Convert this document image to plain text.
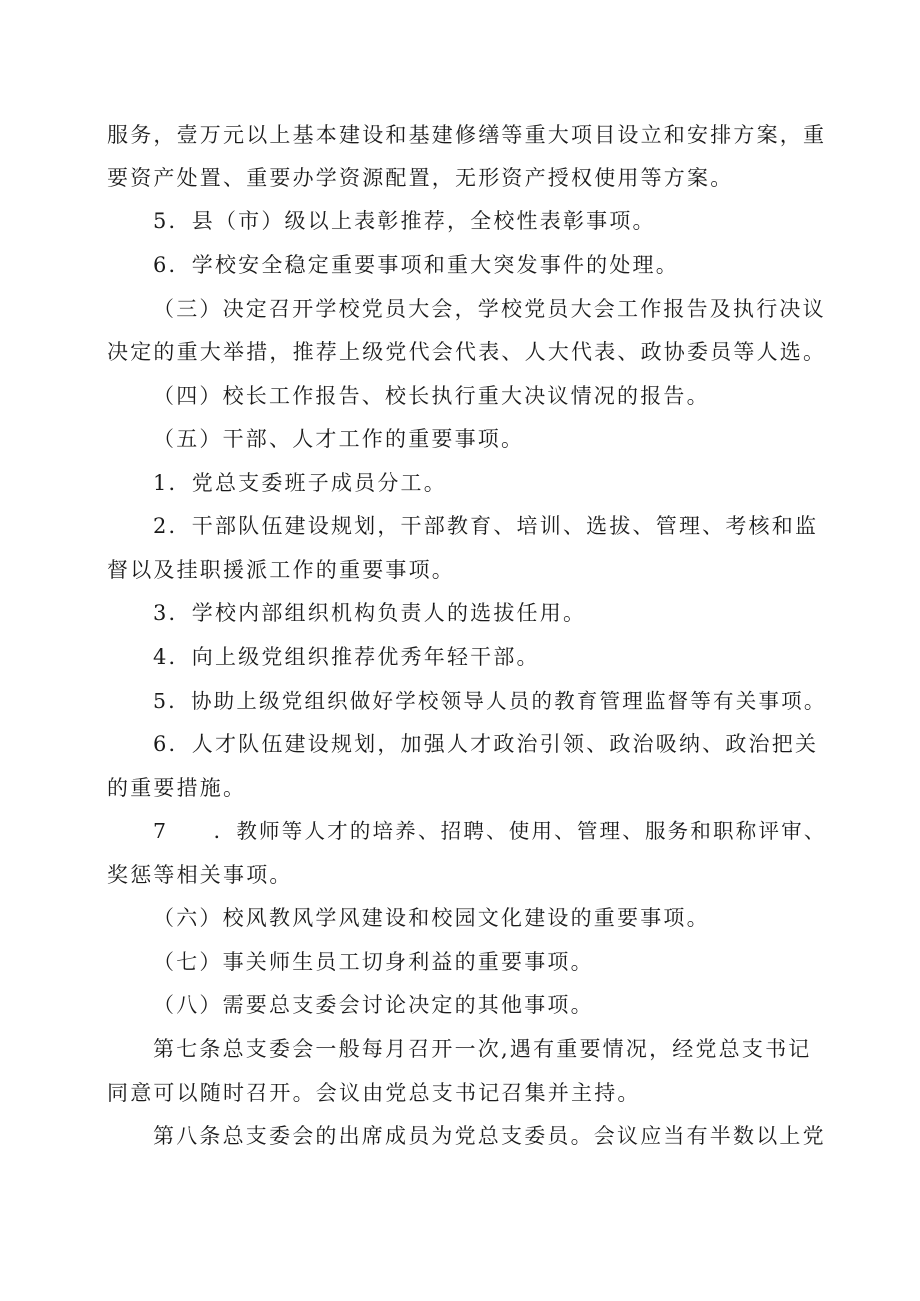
服务，壹万元以上基本建设和基建修缮等重大项目设立和安排方案，重
要资产处置、重要办学资源配置，无形资产授权使用等方案。
5．县（市）级以上表彰推荐，全校性表彰事项。
6．学校安全稳定重要事项和重大突发事件的处理。
（三）决定召开学校党员大会，学校党员大会工作报告及执行决议
决定的重大举措，推荐上级党代会代表、人大代表、政协委员等人选。
（四）校长工作报告、校长执行重大决议情况的报告。
（五）干部、人才工作的重要事项。
1．党总支委班子成员分工。
2．干部队伍建设规划，干部教育、培训、选拔、管理、考核和监
督以及挂职援派工作的重要事项。
3．学校内部组织机构负责人的选拔任用。
4．向上级党组织推荐优秀年轻干部。
5．协助上级党组织做好学校领导人员的教育管理监督等有关事项。
6．人才队伍建设规划，加强人才政治引领、政治吸纳、政治把关
的重要措施。
7　　．教师等人才的培养、招聘、使用、管理、服务和职称评审、
奖惩等相关事项。
（六）校风教风学风建设和校园文化建设的重要事项。
（七）事关师生员工切身利益的重要事项。
（八）需要总支委会讨论决定的其他事项。
第七条总支委会一般每月召开一次,遇有重要情况，经党总支书记
同意可以随时召开。会议由党总支书记召集并主持。
第八条总支委会的出席成员为党总支委员。会议应当有半数以上党
